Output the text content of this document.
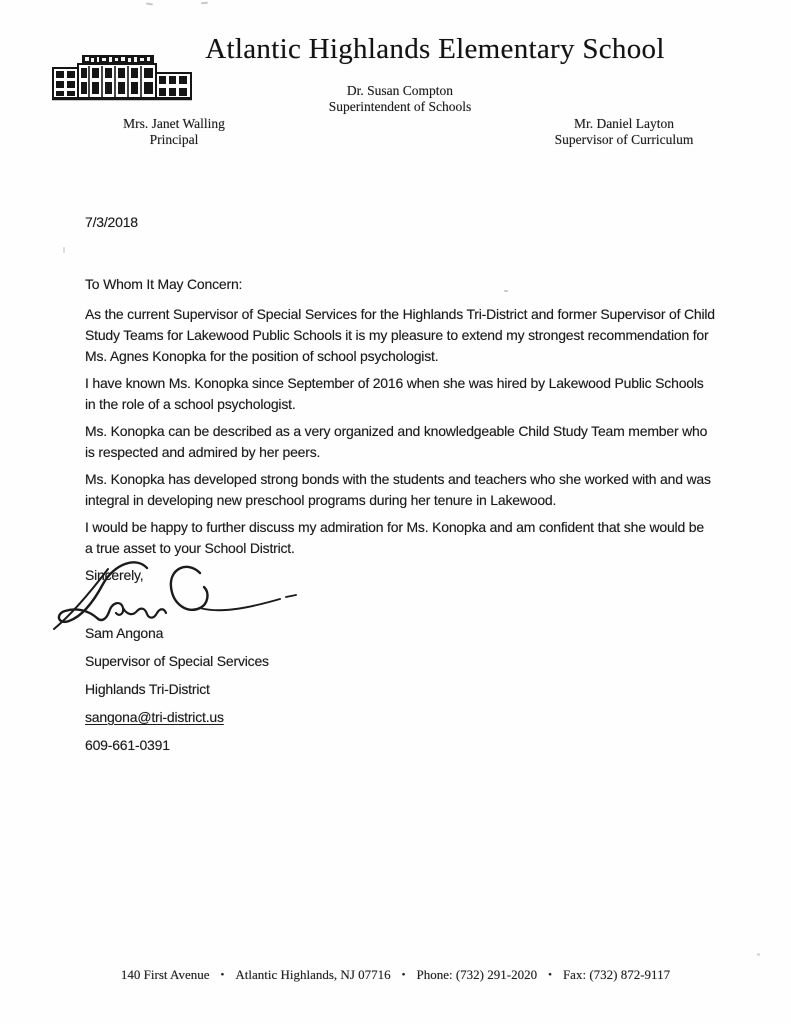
Atlantic Highlands Elementary School
Dr. Susan Compton
Superintendent of Schools
Mrs. Janet Walling
Principal
Mr. Daniel Layton
Supervisor of Curriculum
7/3/2018
To Whom It May Concern:

As the current Supervisor of Special Services for the Highlands Tri-District and former Supervisor of Child Study Teams for Lakewood Public Schools it is my pleasure to extend my strongest recommendation for Ms. Agnes Konopka for the position of school psychologist.

I have known Ms. Konopka since September of 2016 when she was hired by Lakewood Public Schools in the role of a school psychologist.

Ms. Konopka can be described as a very organized and knowledgeable Child Study Team member who is respected and admired by her peers.

Ms. Konopka has developed strong bonds with the students and teachers who she worked with and was integral in developing new preschool programs during her tenure in Lakewood.

I would be happy to further discuss my admiration for Ms. Konopka and am confident that she would be a true asset to your School District.

Sincerely,
Sam Angona
Supervisor of Special Services
Highlands Tri-District
sangona@tri-district.us
609-661-0391
140 First Avenue • Atlantic Highlands, NJ 07716 • Phone: (732) 291-2020 • Fax: (732) 872-9117
